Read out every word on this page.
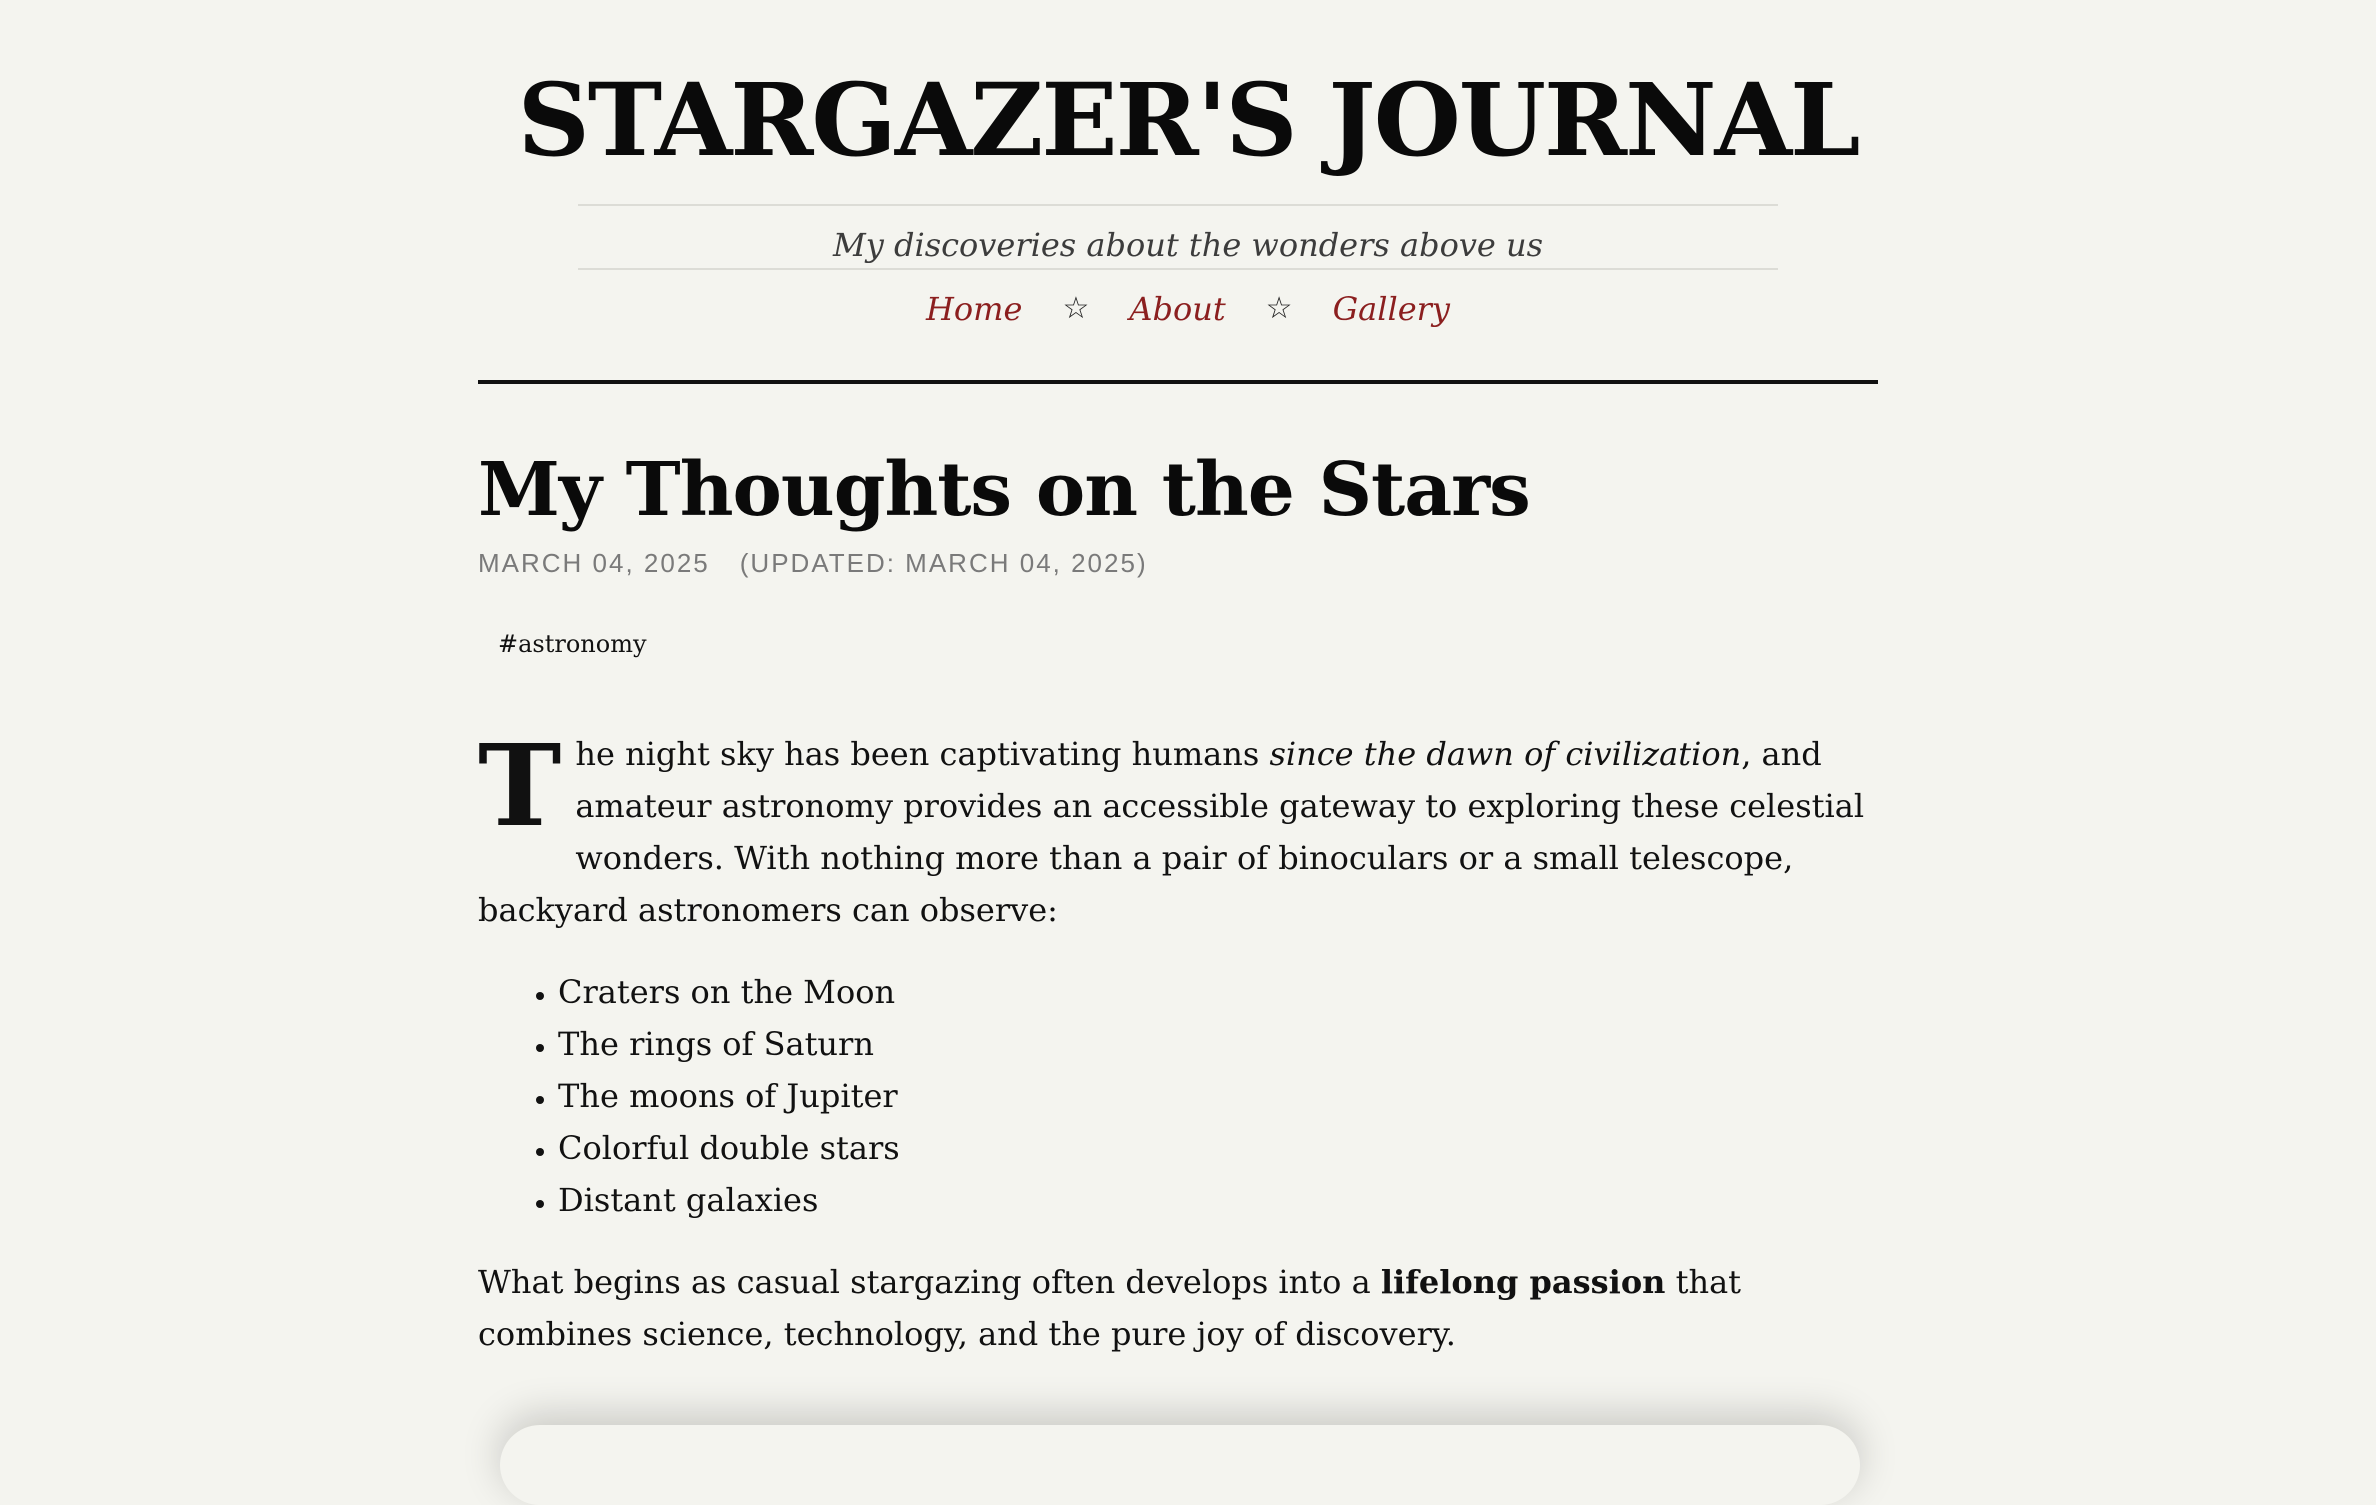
STARGAZER'S JOURNAL

My discoveries about the wonders above us

Home ☆ About ☆ Gallery
My Thoughts on the Stars
MARCH 04, 2025 (UPDATED: MARCH 04, 2025)
#astronomy

The night sky has been captivating humans since the dawn of civilization, and amateur astronomy provides an accessible gateway to exploring these celestial wonders. With nothing more than a pair of binoculars or a small telescope, backyard astronomers can observe:

• Craters on the Moon
• The rings of Saturn
• The moons of Jupiter
• Colorful double stars
• Distant galaxies

What begins as casual stargazing often develops into a lifelong passion that combines science, technology, and the pure joy of discovery.
